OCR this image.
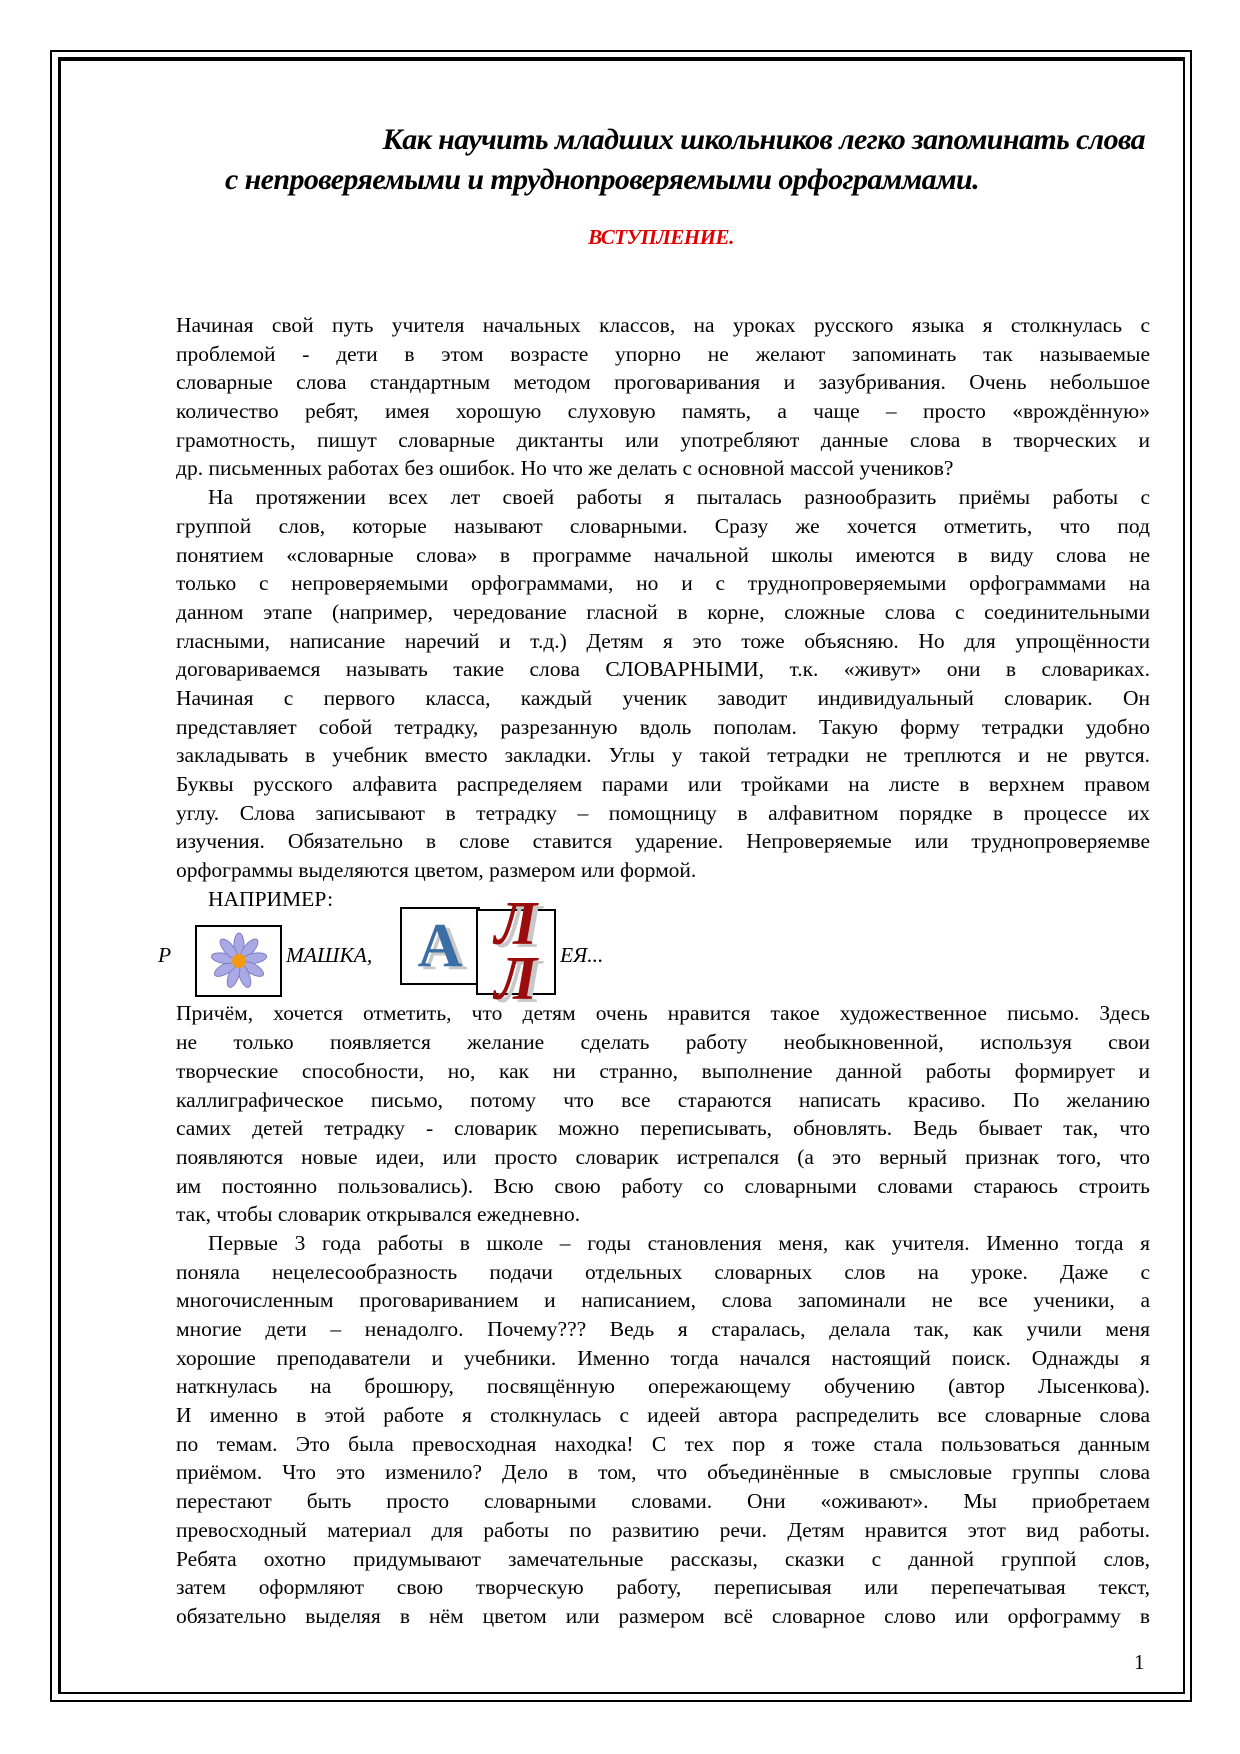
Как научить младших школьников легко запоминать слова
с непроверяемыми и труднопроверяемыми орфограммами.
ВСТУПЛЕНИЕ.
Начиная свой путь учителя начальных классов, на уроках русского языка я столкнулась с
проблемой - дети в этом возрасте упорно не желают запоминать так называемые
словарные слова стандартным методом проговаривания и зазубривания. Очень небольшое
количество ребят, имея хорошую слуховую память, а чаще – просто «врождённую»
грамотность, пишут словарные диктанты или употребляют данные слова в творческих и
др. письменных работах без ошибок. Но что же делать с основной массой учеников?
На протяжении всех лет своей работы я пыталась разнообразить приёмы работы с
группой слов, которые называют словарными. Сразу же хочется отметить, что под
понятием «словарные слова» в программе начальной школы имеются в виду слова не
только с непроверяемыми орфограммами, но и с труднопроверяемыми орфограммами на
данном этапе (например, чередование гласной в корне, сложные слова с соединительными
гласными, написание наречий и т.д.) Детям я это тоже объясняю. Но для упрощённости
договариваемся называть такие слова СЛОВАРНЫМИ, т.к. «живут» они в словариках.
Начиная с первого класса, каждый ученик заводит индивидуальный словарик. Он
представляет собой тетрадку, разрезанную вдоль пополам. Такую форму тетрадки удобно
закладывать в учебник вместо закладки. Углы у такой тетрадки не треплются и не рвутся.
Буквы русского алфавита распределяем парами или тройками на листе в верхнем правом
углу. Слова записывают в тетрадку – помощницу в алфавитном порядке в процессе их
изучения. Обязательно в слове ставится ударение. Непроверяемые или труднопроверяемве
орфограммы выделяются цветом, размером или формой.
НАПРИМЕР:
Р	МАШКА, А Л
Л ЕЯ...
Причём, хочется отметить, что детям очень нравится такое художественное письмо. Здесь
не только появляется желание сделать работу необыкновенной, используя свои
творческие способности, но, как ни странно, выполнение данной работы формирует и
каллиграфическое письмо, потому что все стараются написать красиво. По желанию
самих детей тетрадку - словарик можно переписывать, обновлять. Ведь бывает так, что
появляются новые идеи, или просто словарик истрепался (а это верный признак того, что
им постоянно пользовались). Всю свою работу со словарными словами стараюсь строить
так, чтобы словарик открывался ежедневно.
Первые 3 года работы в школе – годы становления меня, как учителя. Именно тогда я
поняла нецелесообразность подачи отдельных словарных слов на уроке. Даже с
многочисленным проговариванием и написанием, слова запоминали не все ученики, а
многие дети – ненадолго. Почему??? Ведь я старалась, делала так, как учили меня
хорошие преподаватели и учебники. Именно тогда начался настоящий поиск. Однажды я
наткнулась на брошюру, посвящённую опережающему обучению (автор Лысенкова).
И именно в этой работе я столкнулась с идеей автора распределить все словарные слова
по темам. Это была превосходная находка! С тех пор я тоже стала пользоваться данным
приёмом. Что это изменило? Дело в том, что объединённые в смысловые группы слова
перестают быть просто словарными словами. Они «оживают». Мы приобретаем
превосходный материал для работы по развитию речи. Детям нравится этот вид работы.
Ребята охотно придумывают замечательные рассказы, сказки с данной группой слов,
затем оформляют свою творческую работу, переписывая или перепечатывая текст,
обязательно выделяя в нём цветом или размером всё словарное слово или орфограмму в
1
